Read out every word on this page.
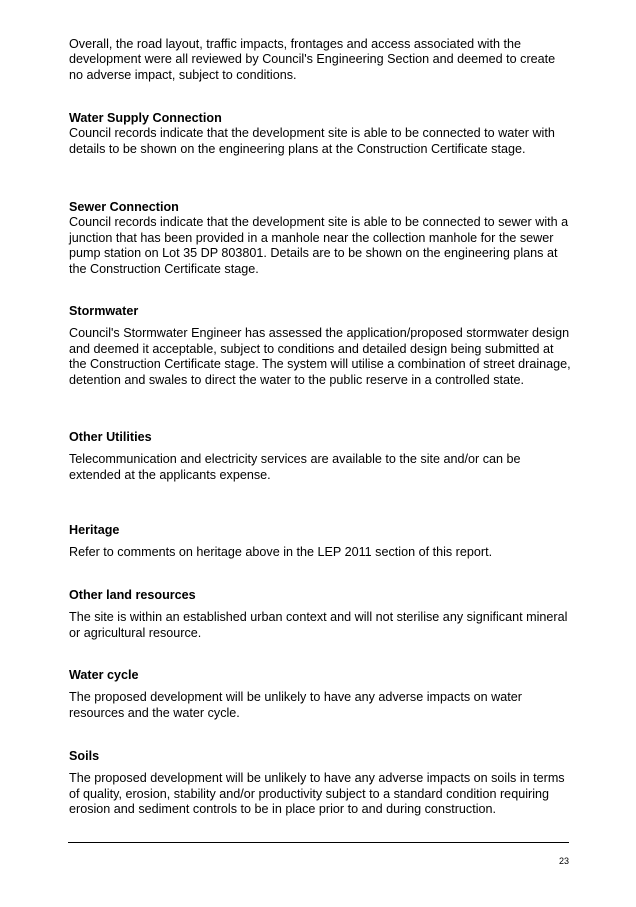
Overall, the road layout, traffic impacts, frontages and access associated with the development were all reviewed by Council's Engineering Section and deemed to create no adverse impact, subject to conditions.

Water Supply Connection

Council records indicate that the development site is able to be connected to water with details to be shown on the engineering plans at the Construction Certificate stage.

Sewer Connection

Council records indicate that the development site is able to be connected to sewer with a junction that has been provided in a manhole near the collection manhole for the sewer pump station on Lot 35 DP 803801. Details are to be shown on the engineering plans at the Construction Certificate stage.

Stormwater

Council's Stormwater Engineer has assessed the application/proposed stormwater design and deemed it acceptable, subject to conditions and detailed design being submitted at the Construction Certificate stage. The system will utilise a combination of street drainage, detention and swales to direct the water to the public reserve in a controlled state.

Other Utilities

Telecommunication and electricity services are available to the site and/or can be extended at the applicants expense.

Heritage

Refer to comments on heritage above in the LEP 2011 section of this report.

Other land resources

The site is within an established urban context and will not sterilise any significant mineral or agricultural resource.

Water cycle

The proposed development will be unlikely to have any adverse impacts on water resources and the water cycle.

Soils

The proposed development will be unlikely to have any adverse impacts on soils in terms of quality, erosion, stability and/or productivity subject to a standard condition requiring erosion and sediment controls to be in place prior to and during construction.

23
